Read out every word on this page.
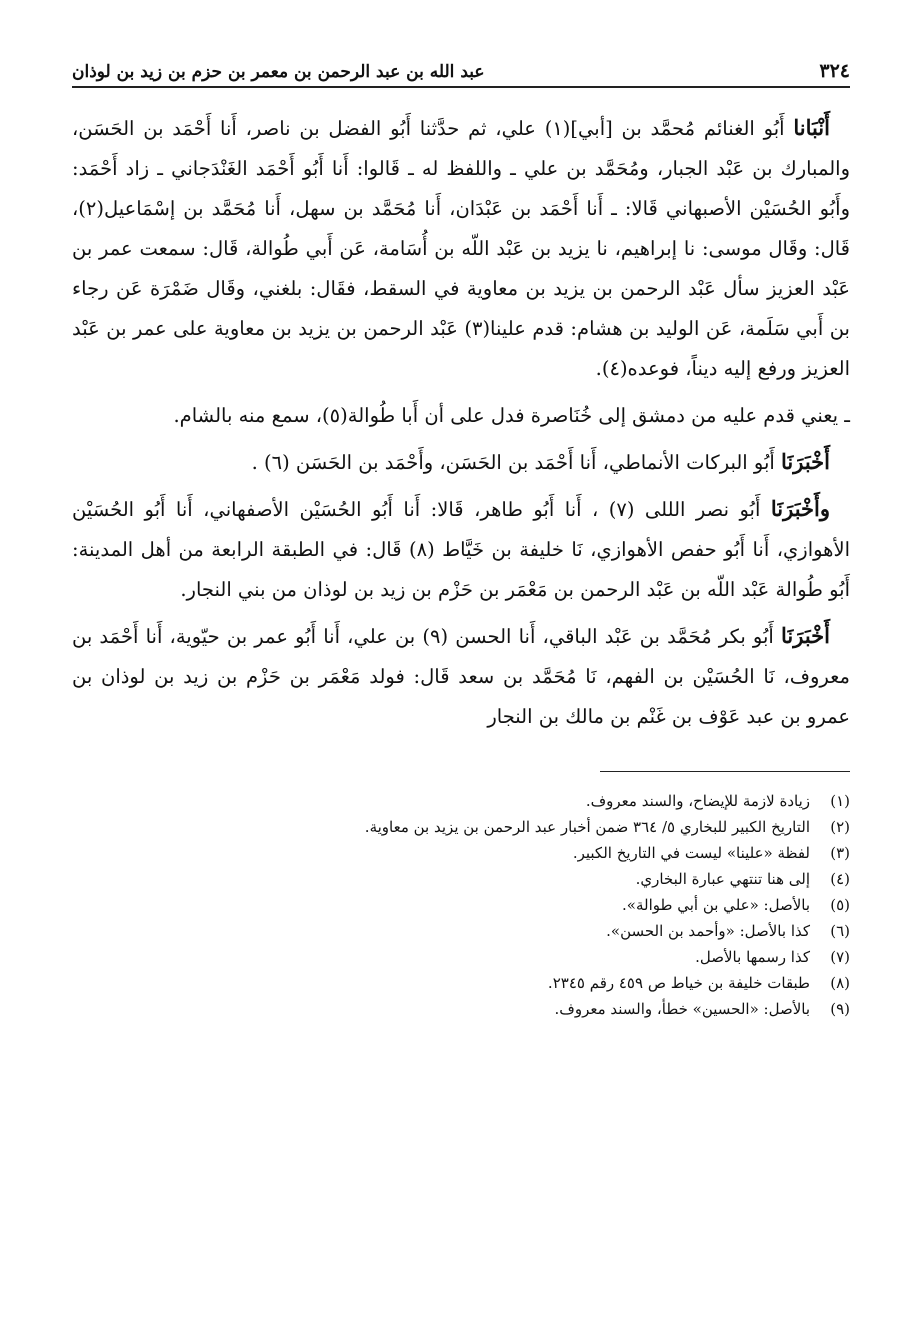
٣٢٤
عبد الله بن عبد الرحمن بن معمر بن حزم بن زيد بن لوذان

أَنْبَانا أَبُو الغنائم مُحمَّد بن [أبي](١) علي، ثم حدَّثنا أَبُو الفضل بن ناصر، أَنا أَحْمَد بن الحَسَن، والمبارك بن عَبْد الجبار، ومُحَمَّد بن علي ـ واللفظ له ـ قَالوا: أَنا أَبُو أَحْمَد الغَنْدَجاني ـ زاد أَحْمَد: وأَبُو الحُسَيْن الأصبهاني قَالا: ـ أَنا أَحْمَد بن عَبْدَان، أَنا مُحَمَّد بن سهل، أَنا مُحَمَّد بن إسْمَاعيل(٢)، قَال: وقَال موسى: نا إبراهيم، نا يزيد بن عَبْد اللّه بن أُسَامة، عَن أَبي طُوالة، قَال: سمعت عمر بن عَبْد العزيز سأل عَبْد الرحمن بن يزيد بن معاوية في السقط، فقَال: بلغني، وقَال ضَمْرَة عَن رجاء بن أَبي سَلَمة، عَن الوليد بن هشام: قدم علينا(٣) عَبْد الرحمن بن يزيد بن معاوية على عمر بن عَبْد العزيز ورفع إليه ديناً، فوعده(٤).

ـ يعني قدم عليه من دمشق إلى خُنَاصرة فدل على أن أَبا طُوالة(٥)، سمع منه بالشام.

أَخْبَرَنَا أَبُو البركات الأنماطي، أَنا أَحْمَد بن الحَسَن، وأَحْمَد بن الحَسَن (٦) .

وأَخْبَرَنَا أَبُو نصر الللى (٧) ، أَنا أَبُو طاهر، قَالا: أَنا أَبُو الحُسَيْن الأصفهاني، أَنا أَبُو الحُسَيْن الأهوازي، أَنا أَبُو حفص الأهوازي، نَا خليفة بن خَيَّاط (٨) قَال: في الطبقة الرابعة من أهل المدينة: أَبُو طُوالة عَبْد اللّه بن عَبْد الرحمن بن مَعْمَر بن حَزْم بن زيد بن لوذان من بني النجار.

أَخْبَرَنَا أَبُو بكر مُحَمَّد بن عَبْد الباقي، أَنا الحسن (٩) بن علي، أَنا أَبُو عمر بن حيّوية، أَنا أَحْمَد بن معروف، نَا الحُسَيْن بن الفهم، نَا مُحَمَّد بن سعد قَال: فولد مَعْمَر بن حَزْم بن زيد بن لوذان بن عمرو بن عبد عَوْف بن غَنْم بن مالك بن النجار

(١)
زيادة لازمة للإيضاح، والسند معروف.
(٢)
التاريخ الكبير للبخاري ٥/ ٣٦٤ ضمن أخبار عبد الرحمن بن يزيد بن معاوية.
(٣)
لفظة «علينا» ليست في التاريخ الكبير.
(٤)
إلى هنا تنتهي عبارة البخاري.
(٥)
بالأصل: «علي بن أبي طوالة».
(٦)
كذا بالأصل: «وأحمد بن الحسن».
(٧)
كذا رسمها بالأصل.
(٨)
طبقات خليفة بن خياط ص ٤٥٩ رقم ٢٣٤٥.
(٩)
بالأصل: «الحسين» خطأ، والسند معروف.
